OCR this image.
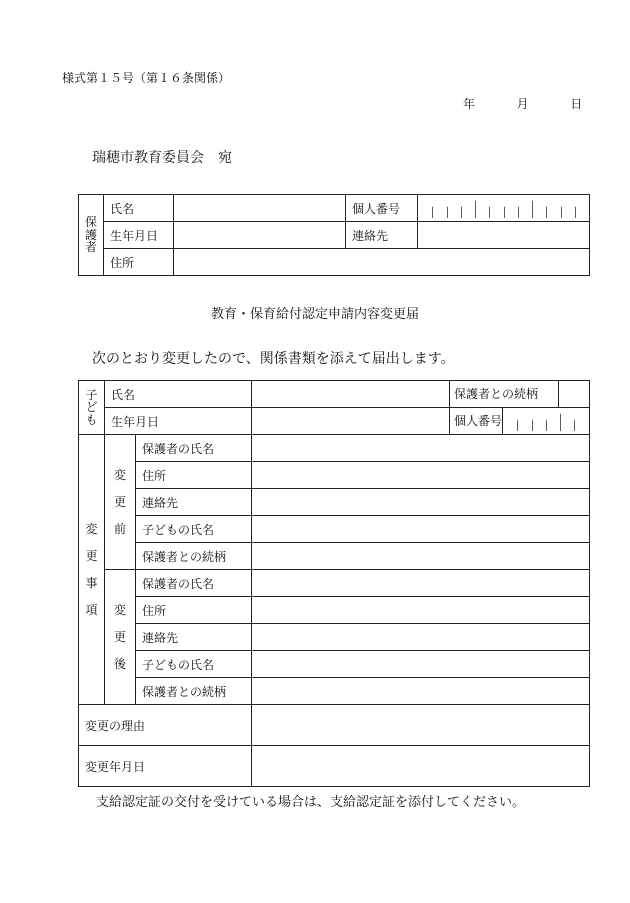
様式第１５号（第１６条関係）
年	月	日
瑞穂市教育委員会　宛
保
護
者	氏名		個人番号	

	生年月日		連絡先	
	住所			
教育・保育給付認定申請内容変更届
次のとおり変更したので、関係書類を添えて届出します。
子
ど
も	氏名			保護者との続柄

	生年月日			個人番号

変
更
事
項	変
更
前	保護者の氏名		
		住所		
		連絡先		
		子どもの氏名		
		保護者との続柄		

	変
更
後	保護者の氏名		
		住所		
		連絡先		
		子どもの氏名		
		保護者との続柄		
変更の理由				
変更年月日				
支給認定証の交付を受けている場合は、支給認定証を添付してください。
